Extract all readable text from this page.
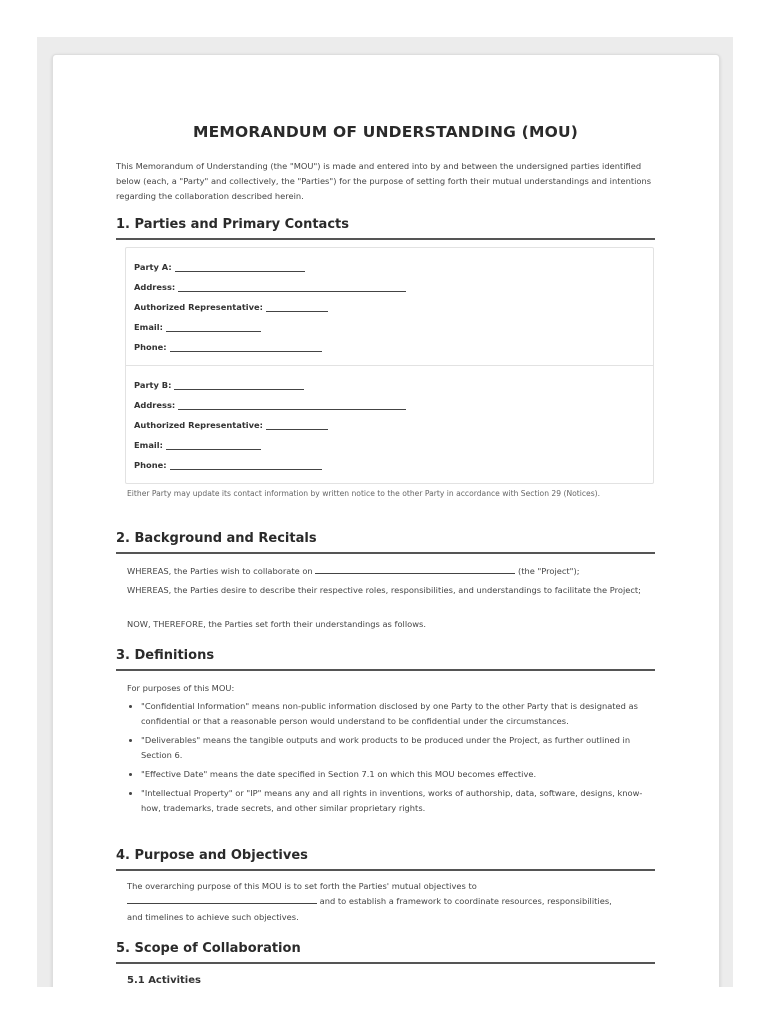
MEMORANDUM OF UNDERSTANDING (MOU)
This Memorandum of Understanding (the "MOU") is made and entered into by and between the undersigned parties identified below (each, a "Party" and collectively, the "Parties") for the purpose of setting forth their mutual understandings and intentions regarding the collaboration described herein.
1. Parties and Primary Contacts
Party A:
Address:
Authorized Representative:
Email:
Phone:
Party B:
Address:
Authorized Representative:
Email:
Phone:
Either Party may update its contact information by written notice to the other Party in accordance with Section 29 (Notices).
2. Background and Recitals
WHEREAS, the Parties wish to collaborate on	(the "Project");
WHEREAS, the Parties desire to describe their respective roles, responsibilities, and understandings to facilitate the Project;
NOW, THEREFORE, the Parties set forth their understandings as follows.
3. Definitions
For purposes of this MOU:
• "Confidential Information" means non-public information disclosed by one Party to the other Party that is designated as confidential or that a reasonable person would understand to be confidential under the circumstances.
• "Deliverables" means the tangible outputs and work products to be produced under the Project, as further outlined in Section 6.
• "Effective Date" means the date specified in Section 7.1 on which this MOU becomes effective.
• "Intellectual Property" or "IP" means any and all rights in inventions, works of authorship, data, software, designs, know-how, trademarks, trade secrets, and other similar proprietary rights.
4. Purpose and Objectives
The overarching purpose of this MOU is to set forth the Parties' mutual objectives to
and to establish a framework to coordinate resources, responsibilities,
and timelines to achieve such objectives.
5. Scope of Collaboration
5.1 Activities
